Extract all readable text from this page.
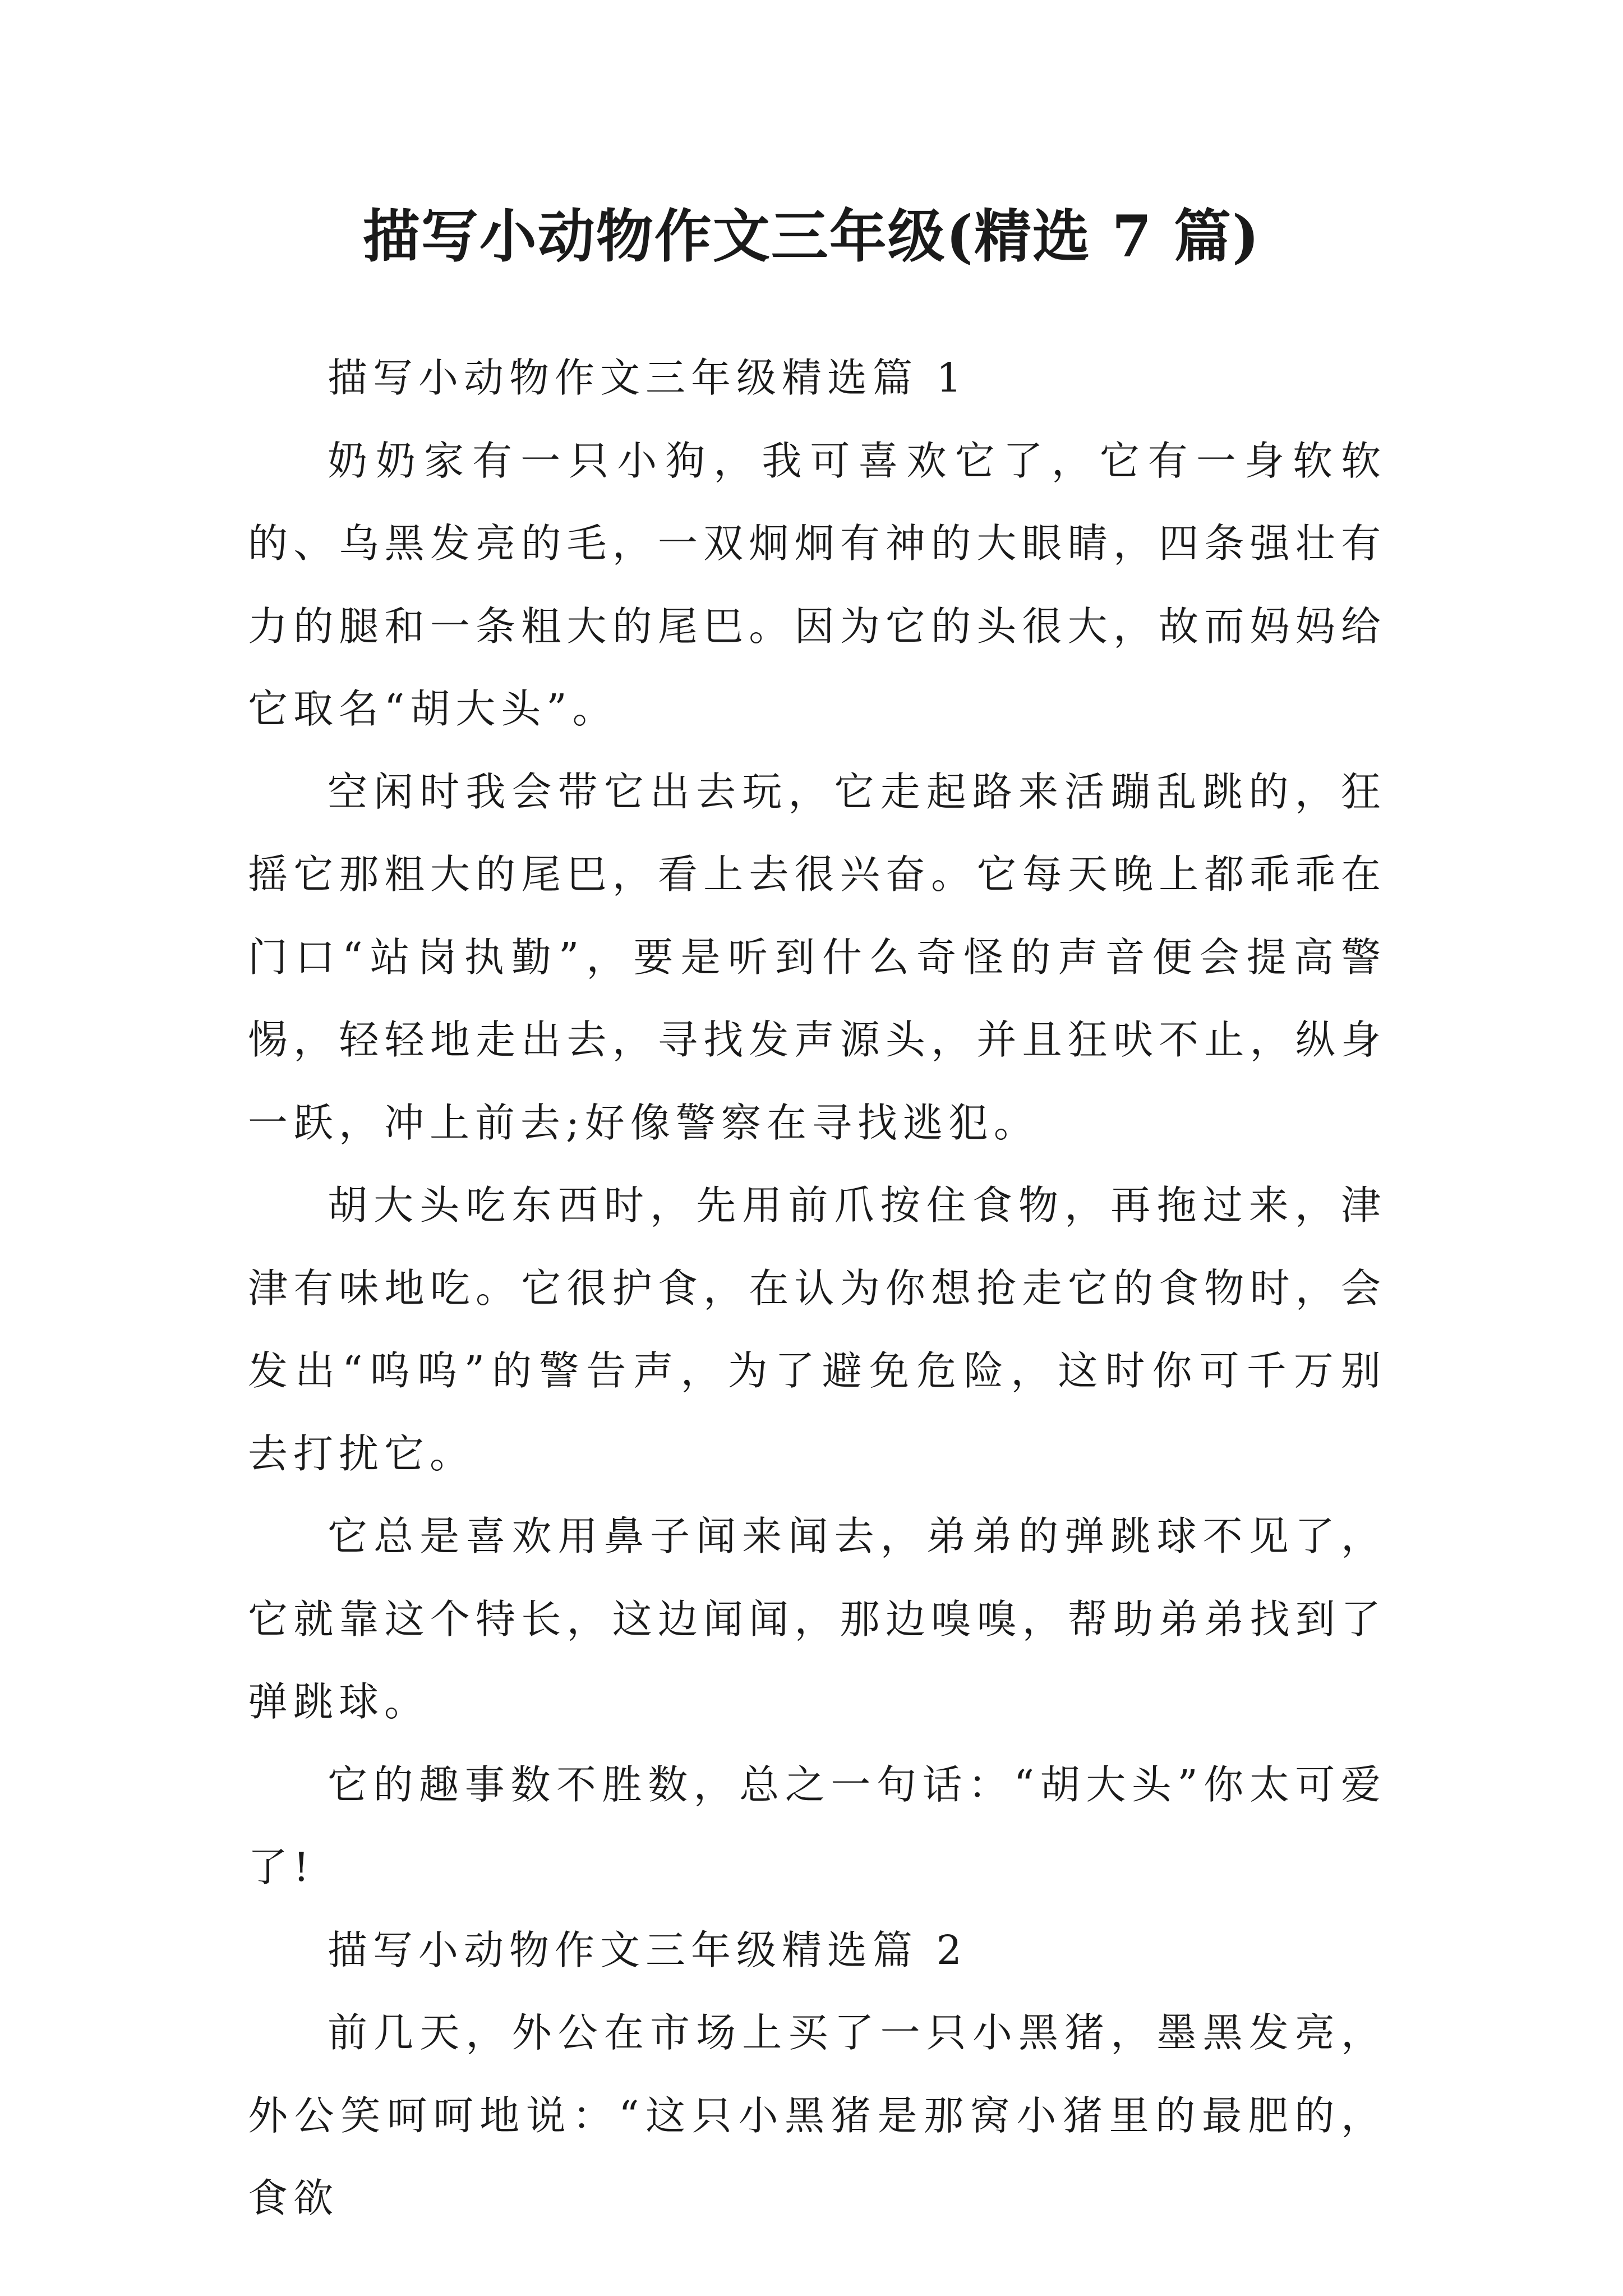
描写小动物作文三年级(精选 7 篇)

描写小动物作文三年级精选篇 1

奶奶家有一只小狗，我可喜欢它了，它有一身软软的、乌黑发亮的毛，一双炯炯有神的大眼睛，四条强壮有力的腿和一条粗大的尾巴。因为它的头很大，故而妈妈给它取名“胡大头”。

空闲时我会带它出去玩，它走起路来活蹦乱跳的，狂摇它那粗大的尾巴，看上去很兴奋。它每天晚上都乖乖在门口“站岗执勤”，要是听到什么奇怪的声音便会提高警惕，轻轻地走出去，寻找发声源头，并且狂吠不止，纵身一跃，冲上前去;好像警察在寻找逃犯。

胡大头吃东西时，先用前爪按住食物，再拖过来，津津有味地吃。它很护食，在认为你想抢走它的食物时，会发出“呜呜”的警告声，为了避免危险，这时你可千万别去打扰它。

它总是喜欢用鼻子闻来闻去，弟弟的弹跳球不见了，它就靠这个特长，这边闻闻，那边嗅嗅，帮助弟弟找到了弹跳球。

它的趣事数不胜数，总之一句话：“胡大头”你太可爱了!

描写小动物作文三年级精选篇 2

前几天，外公在市场上买了一只小黑猪，墨黑发亮，外公笑呵呵地说：“这只小黑猪是那窝小猪里的最肥的，食欲
